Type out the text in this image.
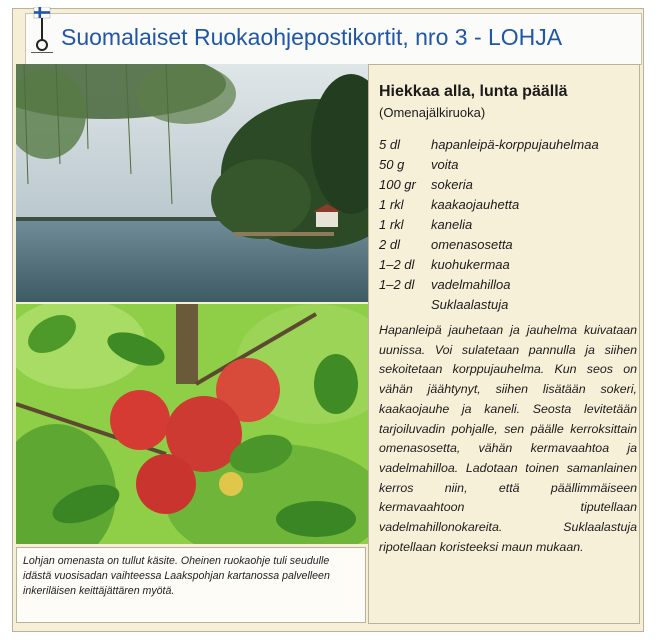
Suomalaiset Ruokaohjepostikortit, nro 3 - LOHJA
Lohjan omenasta on tullut käsite. Oheinen ruokaohje tuli seudulle idästä vuosisadan vaihteessa Laakspohjan kartanossa palvelleen inkeriläisen keittäjättären myötä.
Hiekkaa alla, lunta päällä
(Omenajälkiruoka)
5 dl hapanleipä-korppujauhelmaa
50 g voita
100 gr sokeria
1 rkl kaakaojauhetta
1 rkl kanelia
2 dl omenasosetta
1–2 dl kuohukermaa
1–2 dl vadelmahilloa
Suklaalastuja
Hapanleipä jauhetaan ja jauhelma kuivataan uunissa. Voi sulatetaan pannulla ja siihen sekoitetaan korppujauhelma. Kun seos on vähän jäähtynyt, siihen lisätään sokeri, kaakaojauhe ja kaneli. Seosta levitetään tarjoiluvadin pohjalle, sen päälle kerroksittain omenasosetta, vähän kermavaahtoa ja vadelmahilloa. Ladotaan toinen samanlainen kerros niin, että päällimmäiseen kermavaahtoon tiputellaan vadelmahillonokareita. Suklaalastuja ripotellaan koristeeksi maun mukaan.
